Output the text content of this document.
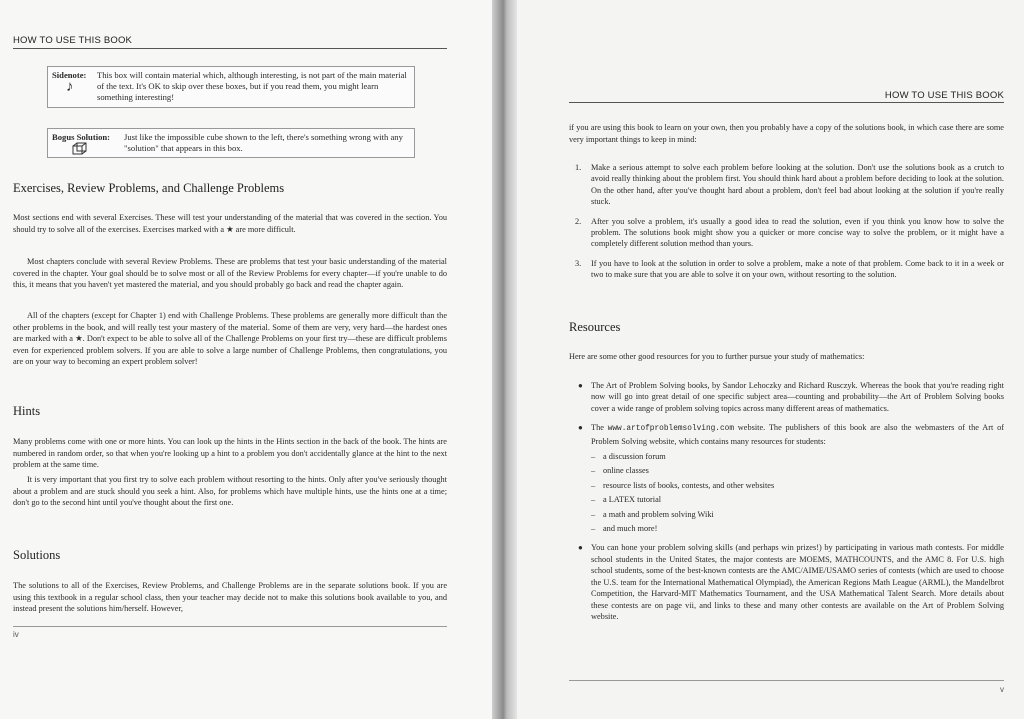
HOW TO USE THIS BOOK
Sidenote:
♪
This box will contain material which, although interesting, is not part of the main material of the text. It's OK to skip over these boxes, but if you read them, you might learn something interesting!
Bogus Solution: Just like the impossible cube shown to the left, there's something wrong with any "solution" that appears in this box.
Exercises, Review Problems, and Challenge Problems

Most sections end with several Exercises. These will test your understanding of the material that was covered in the section. You should try to solve all of the exercises. Exercises marked with a ★ are more difficult.

Most chapters conclude with several Review Problems. These are problems that test your basic understanding of the material covered in the chapter. Your goal should be to solve most or all of the Review Problems for every chapter—if you're unable to do this, it means that you haven't yet mastered the material, and you should probably go back and read the chapter again.

All of the chapters (except for Chapter 1) end with Challenge Problems. These problems are generally more difficult than the other problems in the book, and will really test your mastery of the material. Some of them are very, very hard—the hardest ones are marked with a ★. Don't expect to be able to solve all of the Challenge Problems on your first try—these are difficult problems even for experienced problem solvers. If you are able to solve a large number of Challenge Problems, then congratulations, you are on your way to becoming an expert problem solver!

Hints

Many problems come with one or more hints. You can look up the hints in the Hints section in the back of the book. The hints are numbered in random order, so that when you're looking up a hint to a problem you don't accidentally glance at the hint to the next problem at the same time.

It is very important that you first try to solve each problem without resorting to the hints. Only after you've seriously thought about a problem and are stuck should you seek a hint. Also, for problems which have multiple hints, use the hints one at a time; don't go to the second hint until you've thought about the first one.

Solutions

The solutions to all of the Exercises, Review Problems, and Challenge Problems are in the separate solutions book. If you are using this textbook in a regular school class, then your teacher may decide not to make this solutions book available to you, and instead present the solutions him/herself. However,

iv
HOW TO USE THIS BOOK

if you are using this book to learn on your own, then you probably have a copy of the solutions book, in which case there are some very important things to keep in mind:

1. Make a serious attempt to solve each problem before looking at the solution. Don't use the solutions book as a crutch to avoid really thinking about the problem first. You should think hard about a problem before deciding to look at the solution. On the other hand, after you've thought hard about a problem, don't feel bad about looking at the solution if you're really stuck.
2. After you solve a problem, it's usually a good idea to read the solution, even if you think you know how to solve the problem. The solutions book might show you a quicker or more concise way to solve the problem, or it might have a completely different solution method than yours.
3. If you have to look at the solution in order to solve a problem, make a note of that problem. Come back to it in a week or two to make sure that you are able to solve it on your own, without resorting to the solution.
Resources

Here are some other good resources for you to further pursue your study of mathematics:

● The Art of Problem Solving books, by Sandor Lehoczky and Richard Rusczyk. Whereas the book that you're reading right now will go into great detail of one specific subject area—counting and probability—the Art of Problem Solving books cover a wide range of problem solving topics across many different areas of mathematics.
● The www.artofproblemsolving.com website. The publishers of this book are also the webmasters of the Art of Problem Solving website, which contains many resources for students:
– a discussion forum
– online classes
– resource lists of books, contests, and other websites
– a LATEX tutorial
– a math and problem solving Wiki
– and much more!
● You can hone your problem solving skills (and perhaps win prizes!) by participating in various math contests. For middle school students in the United States, the major contests are MOEMS, MATHCOUNTS, and the AMC 8. For U.S. high school students, some of the best-known contests are the AMC/AIME/USAMO series of contests (which are used to choose the U.S. team for the International Mathematical Olympiad), the American Regions Math League (ARML), the Mandelbrot Competition, the Harvard-MIT Mathematics Tournament, and the USA Mathematical Talent Search. More details about these contests are on page vii, and links to these and many other contests are available on the Art of Problem Solving website.
v
